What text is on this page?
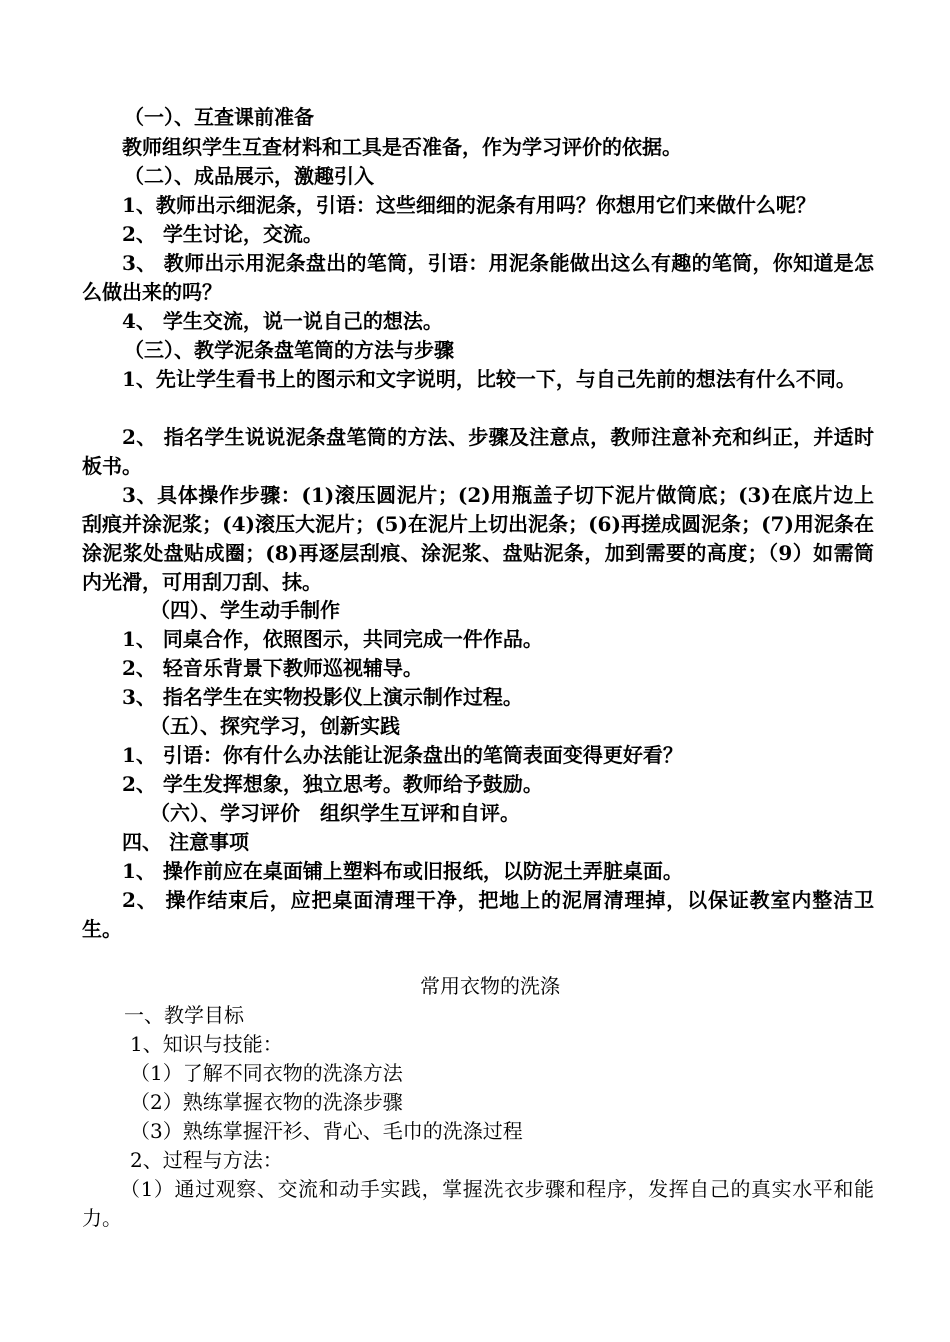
（一）、互查课前准备
教师组织学生互查材料和工具是否准备，作为学习评价的依据。
（二）、成品展示，激趣引入
1、教师出示细泥条，引语：这些细细的泥条有用吗？你想用它们来做什么呢？
2、 学生讨论，交流。
3、 教师出示用泥条盘出的笔筒，引语：用泥条能做出这么有趣的笔筒，你知道是怎么做出来的吗？
4、 学生交流，说一说自己的想法。
（三）、教学泥条盘笔筒的方法与步骤
1、先让学生看书上的图示和文字说明，比较一下，与自己先前的想法有什么不同。
2、 指名学生说说泥条盘笔筒的方法、步骤及注意点，教师注意补充和纠正，并适时板书。
3、具体操作步骤：(1)滚压圆泥片；(2)用瓶盖子切下泥片做筒底；(3)在底片边上刮痕并涂泥浆；(4)滚压大泥片；(5)在泥片上切出泥条；(6)再搓成圆泥条；(7)用泥条在涂泥浆处盘贴成圈；(8)再逐层刮痕、涂泥浆、盘贴泥条，加到需要的高度；（9）如需筒内光滑，可用刮刀刮、抹。
（四）、学生动手制作
1、 同桌合作，依照图示，共同完成一件作品。
2、 轻音乐背景下教师巡视辅导。
3、 指名学生在实物投影仪上演示制作过程。
（五）、探究学习，创新实践
1、 引语：你有什么办法能让泥条盘出的笔筒表面变得更好看？
2、 学生发挥想象，独立思考。教师给予鼓励。
（六）、学习评价　组织学生互评和自评。
四、 注意事项
1、 操作前应在桌面铺上塑料布或旧报纸，以防泥土弄脏桌面。
2、 操作结束后，应把桌面清理干净，把地上的泥屑清理掉，以保证教室内整洁卫生。
常用衣物的洗涤
一、教学目标
1、知识与技能：
（1）了解不同衣物的洗涤方法
（2）熟练掌握衣物的洗涤步骤
（3）熟练掌握汗衫、背心、毛巾的洗涤过程
2、过程与方法：
（1）通过观察、交流和动手实践，掌握洗衣步骤和程序，发挥自己的真实水平和能力。
